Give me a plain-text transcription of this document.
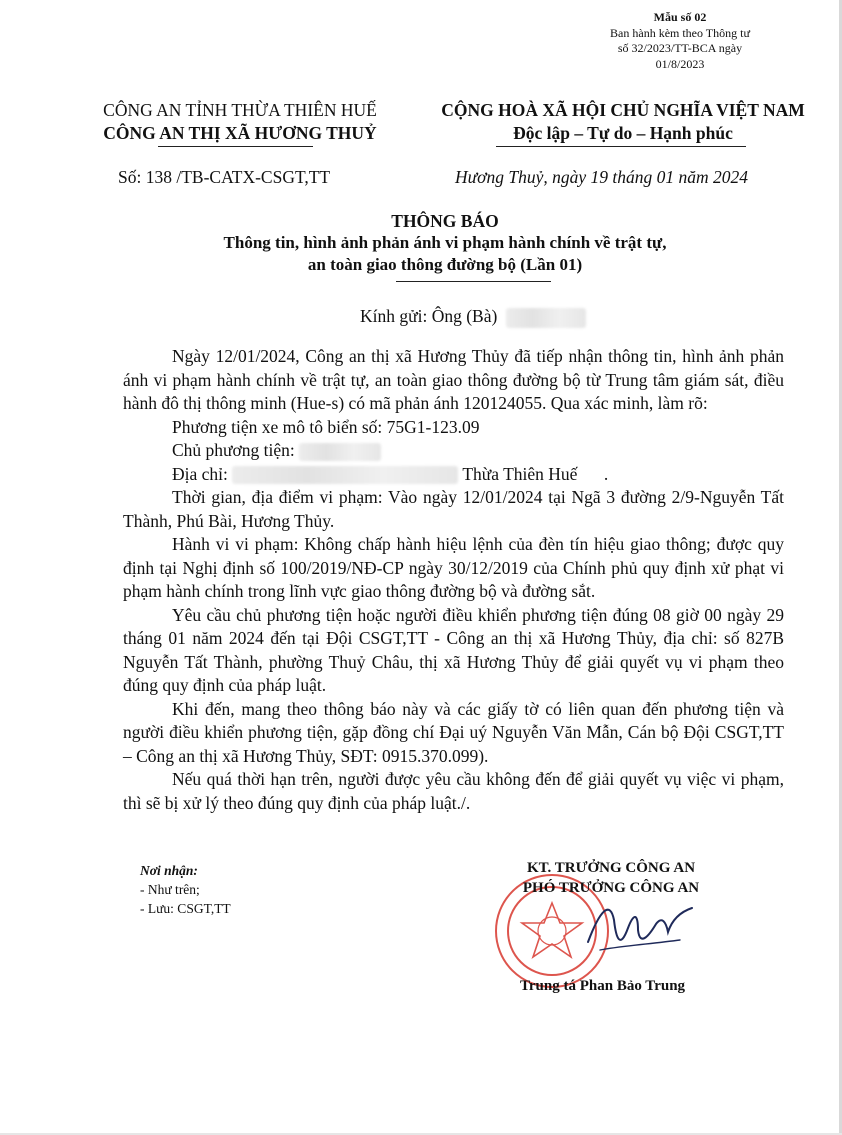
Mẫu số 02
Ban hành kèm theo Thông tư
số 32/2023/TT-BCA ngày
01/8/2023
CÔNG AN TỈNH THỪA THIÊN HUẾ
CÔNG AN THỊ XÃ HƯƠNG THUỶ
CỘNG HOÀ XÃ HỘI CHỦ NGHĨA VIỆT NAM
Độc lập – Tự do – Hạnh phúc
Số: 138 /TB-CATX-CSGT,TT	Hương Thuỷ, ngày 19 tháng 01 năm 2024
THÔNG BÁO
Thông tin, hình ảnh phản ánh vi phạm hành chính về trật tự,
an toàn giao thông đường bộ (Lần 01)
Kính gửi: Ông (Bà)

Ngày 12/01/2024, Công an thị xã Hương Thủy đã tiếp nhận thông tin, hình ảnh phản ánh vi phạm hành chính về trật tự, an toàn giao thông đường bộ từ Trung tâm giám sát, điều hành đô thị thông minh (Hue-s) có mã phản ánh 120124055. Qua xác minh, làm rõ:

Phương tiện xe mô tô biển số: 75G1-123.09
Chủ phương tiện:
Địa chỉ:	Thừa Thiên Huế .

Thời gian, địa điểm vi phạm: Vào ngày 12/01/2024 tại Ngã 3 đường 2/9-Nguyễn Tất Thành, Phú Bài, Hương Thủy.

Hành vi vi phạm: Không chấp hành hiệu lệnh của đèn tín hiệu giao thông; được quy định tại Nghị định số 100/2019/NĐ-CP ngày 30/12/2019 của Chính phủ quy định xử phạt vi phạm hành chính trong lĩnh vực giao thông đường bộ và đường sắt.

Yêu cầu chủ phương tiện hoặc người điều khiển phương tiện đúng 08 giờ 00 ngày 29 tháng 01 năm 2024 đến tại Đội CSGT,TT - Công an thị xã Hương Thủy, địa chỉ: số 827B Nguyễn Tất Thành, phường Thuỷ Châu, thị xã Hương Thủy để giải quyết vụ vi phạm theo đúng quy định của pháp luật.

Khi đến, mang theo thông báo này và các giấy tờ có liên quan đến phương tiện và người điều khiển phương tiện, gặp đồng chí Đại uý Nguyễn Văn Mẫn, Cán bộ Đội CSGT,TT – Công an thị xã Hương Thủy, SĐT: 0915.370.099).

Nếu quá thời hạn trên, người được yêu cầu không đến để giải quyết vụ việc vi phạm, thì sẽ bị xử lý theo đúng quy định của pháp luật./.

Nơi nhận:
- Như trên;
- Lưu: CSGT,TT
KT. TRƯỞNG CÔNG AN
PHÓ TRƯỞNG CÔNG AN
Trung tá Phan Bảo Trung
